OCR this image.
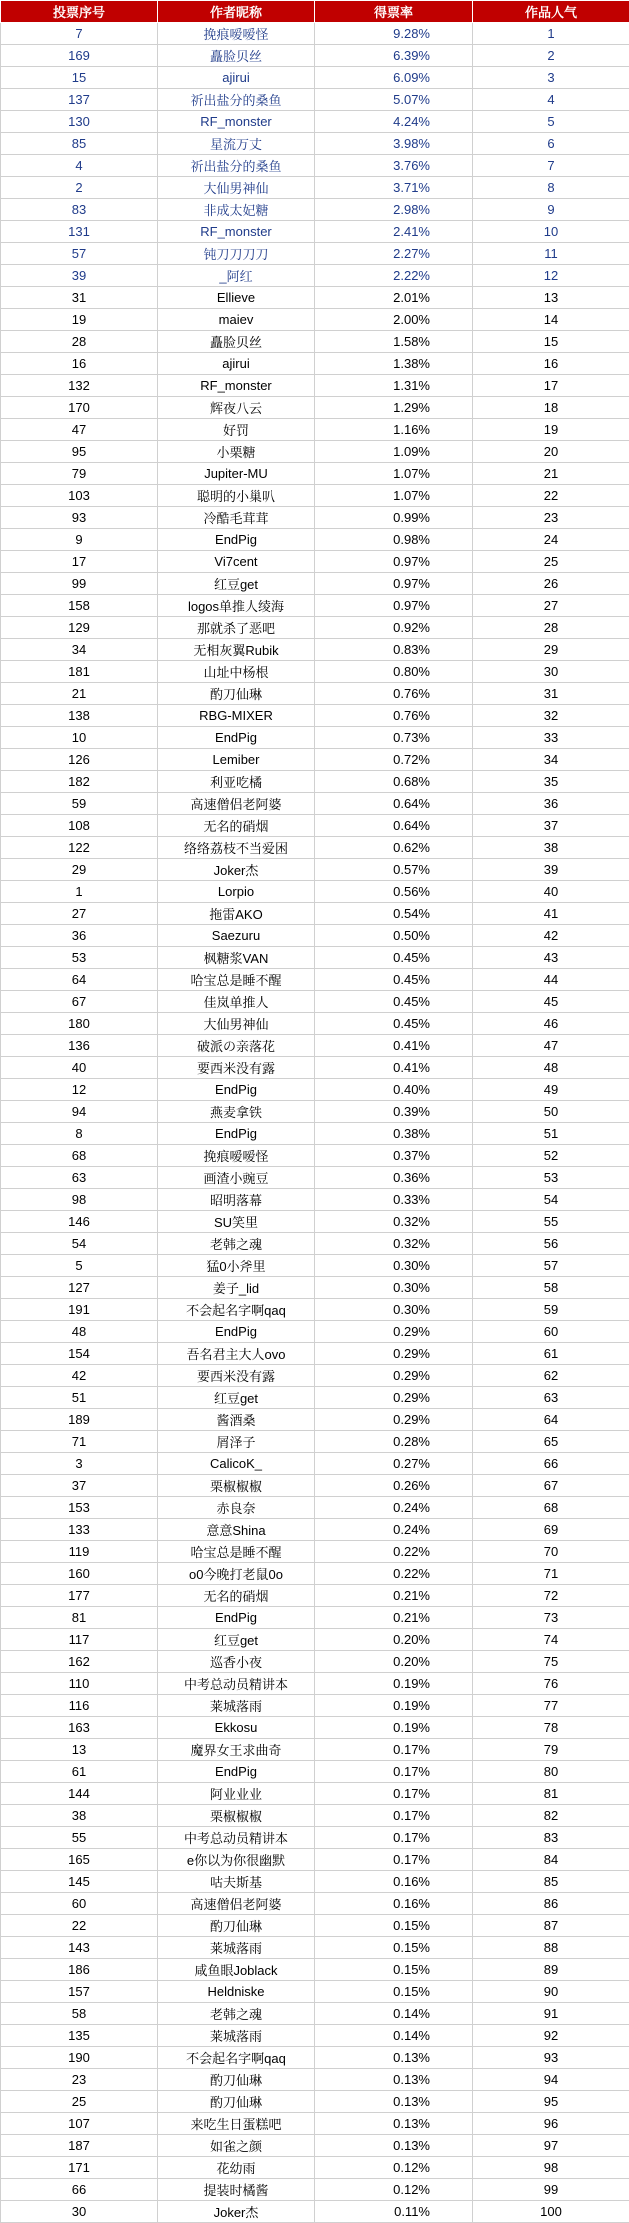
投票序号	作者昵称	得票率	作品人气
7	挽痕嗳嗳怪	9.28%	1
169	矗脸贝丝	6.39%	2
15	ajirui	6.09%	3
137	祈出盐分的桑鱼	5.07%	4
130	RF_monster	4.24%	5
85	星流万丈	3.98%	6
4	祈出盐分的桑鱼	3.76%	7
2	大仙男神仙	3.71%	8
83	非成太妃糖	2.98%	9
131	RF_monster	2.41%	10
57	钝刀刀刀刀	2.27%	11
39	_阿红	2.22%	12
31	Ellieve	2.01%	13
19	maiev	2.00%	14
28	矗脸贝丝	1.58%	15
16	ajirui	1.38%	16
132	RF_monster	1.31%	17
170	辉夜八云	1.29%	18
47	好罚	1.16%	19
95	小栗糖	1.09%	20
79	Jupiter-MU	1.07%	21
103	聪明的小巢叭	1.07%	22
93	冷酷毛茸茸	0.99%	23
9	EndPig	0.98%	24
17	Vi7cent	0.97%	25
99	红豆get	0.97%	26
158	logos单推人绫海	0.97%	27
129	那就杀了恶吧	0.92%	28
34	无相灰翼Rubik	0.83%	29
181	山址中杨根	0.80%	30
21	酌刀仙琳	0.76%	31
138	RBG-MIXER	0.76%	32
10	EndPig	0.73%	33
126	Lemiber	0.72%	34
182	利亚吃橘	0.68%	35
59	高速僧侣老阿婆	0.64%	36
108	无名的硝烟	0.64%	37
122	络络荔枝不当爱困	0.62%	38
29	Joker杰	0.57%	39
1	Lorpio	0.56%	40
27	拖雷AKO	0.54%	41
36	Saezuru	0.50%	42
53	枫糖浆VAN	0.45%	43
64	哈宝总是睡不醒	0.45%	44
67	佳岚单推人	0.45%	45
180	大仙男神仙	0.45%	46
136	破派の亲落花	0.41%	47
40	要西米没有露	0.41%	48
12	EndPig	0.40%	49
94	燕麦拿铁	0.39%	50
8	EndPig	0.38%	51
68	挽痕嗳嗳怪	0.37%	52
63	画渣小豌豆	0.36%	53
98	昭明落幕	0.33%	54
146	SU笑里	0.32%	55
54	老韩之魂	0.32%	56
5	猛0小斧里	0.30%	57
127	姜子_lid	0.30%	58
191	不会起名字啊qaq	0.30%	59
48	EndPig	0.29%	60
154	吾名君主大人ovo	0.29%	61
42	要西米没有露	0.29%	62
51	红豆get	0.29%	63
189	酱酒桑	0.29%	64
71	屑泽子	0.28%	65
3	CalicoK_	0.27%	66
37	栗椒椒椒	0.26%	67
153	赤良奈	0.24%	68
133	意意Shina	0.24%	69
119	哈宝总是睡不醒	0.22%	70
160	o0今晚打老鼠0o	0.22%	71
177	无名的硝烟	0.21%	72
81	EndPig	0.21%	73
117	红豆get	0.20%	74
162	巡香小夜	0.20%	75
110	中考总动员精讲本	0.19%	76
116	莱城落雨	0.19%	77
163	Ekkosu	0.19%	78
13	魔界女王求曲奇	0.17%	79
61	EndPig	0.17%	80
144	阿业业业	0.17%	81
38	栗椒椒椒	0.17%	82
55	中考总动员精讲本	0.17%	83
165	e你以为你很幽默	0.17%	84
145	咕夫斯基	0.16%	85
60	高速僧侣老阿婆	0.16%	86
22	酌刀仙琳	0.15%	87
143	莱城落雨	0.15%	88
186	咸鱼眼Joblack	0.15%	89
157	Heldniske	0.15%	90
58	老韩之魂	0.14%	91
135	莱城落雨	0.14%	92
190	不会起名字啊qaq	0.13%	93
23	酌刀仙琳	0.13%	94
25	酌刀仙琳	0.13%	95
107	来吃生日蛋糕吧	0.13%	96
187	如雀之颜	0.13%	97
171	花幼雨	0.12%	98
66	提装时橘酱	0.12%	99
30	Joker杰	0.11%	100
